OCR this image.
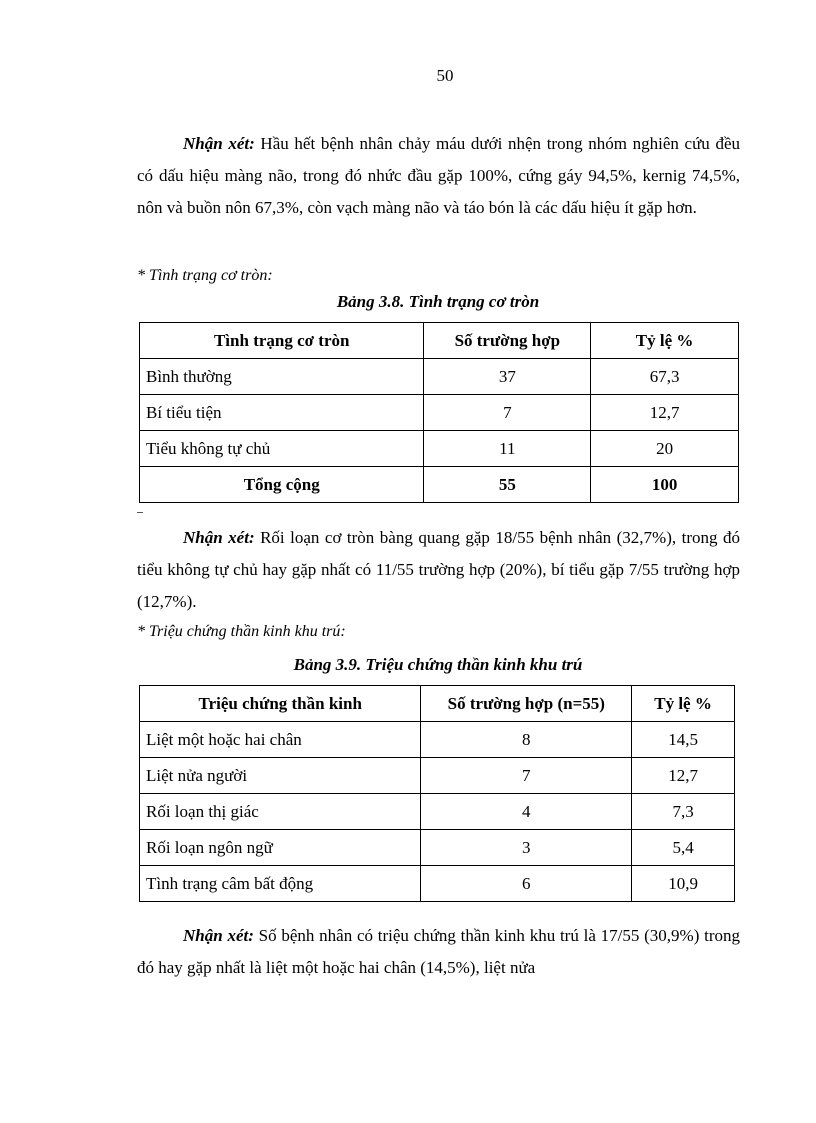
50

Nhận xét: Hầu hết bệnh nhân chảy máu dưới nhện trong nhóm nghiên cứu đều có dấu hiệu màng não, trong đó nhức đầu gặp 100%, cứng gáy 94,5%, kernig 74,5%, nôn và buồn nôn 67,3%, còn vạch màng não và táo bón là các dấu hiệu ít gặp hơn.

* Tình trạng cơ tròn:

Bảng 3.8. Tình trạng cơ tròn

Tình trạng cơ tròn	Số trường hợp	Tỷ lệ %
Bình thường	37	67,3
Bí tiểu tiện	7	12,7
Tiểu không tự chủ	11	20
Tổng cộng	55	100

Nhận xét: Rối loạn cơ tròn bàng quang gặp 18/55 bệnh nhân (32,7%), trong đó tiểu không tự chủ hay gặp nhất có 11/55 trường hợp (20%), bí tiểu gặp 7/55 trường hợp (12,7%).

* Triệu chứng thần kinh khu trú:

Bảng 3.9. Triệu chứng thần kinh khu trú

Triệu chứng thần kinh	Số trường hợp (n=55)	Tỷ lệ %
Liệt một hoặc hai chân	8	14,5
Liệt nửa người	7	12,7
Rối loạn thị giác	4	7,3
Rối loạn ngôn ngữ	3	5,4
Tình trạng câm bất động	6	10,9

Nhận xét: Số bệnh nhân có triệu chứng thần kinh khu trú là 17/55 (30,9%) trong đó hay gặp nhất là liệt một hoặc hai chân (14,5%), liệt nửa
